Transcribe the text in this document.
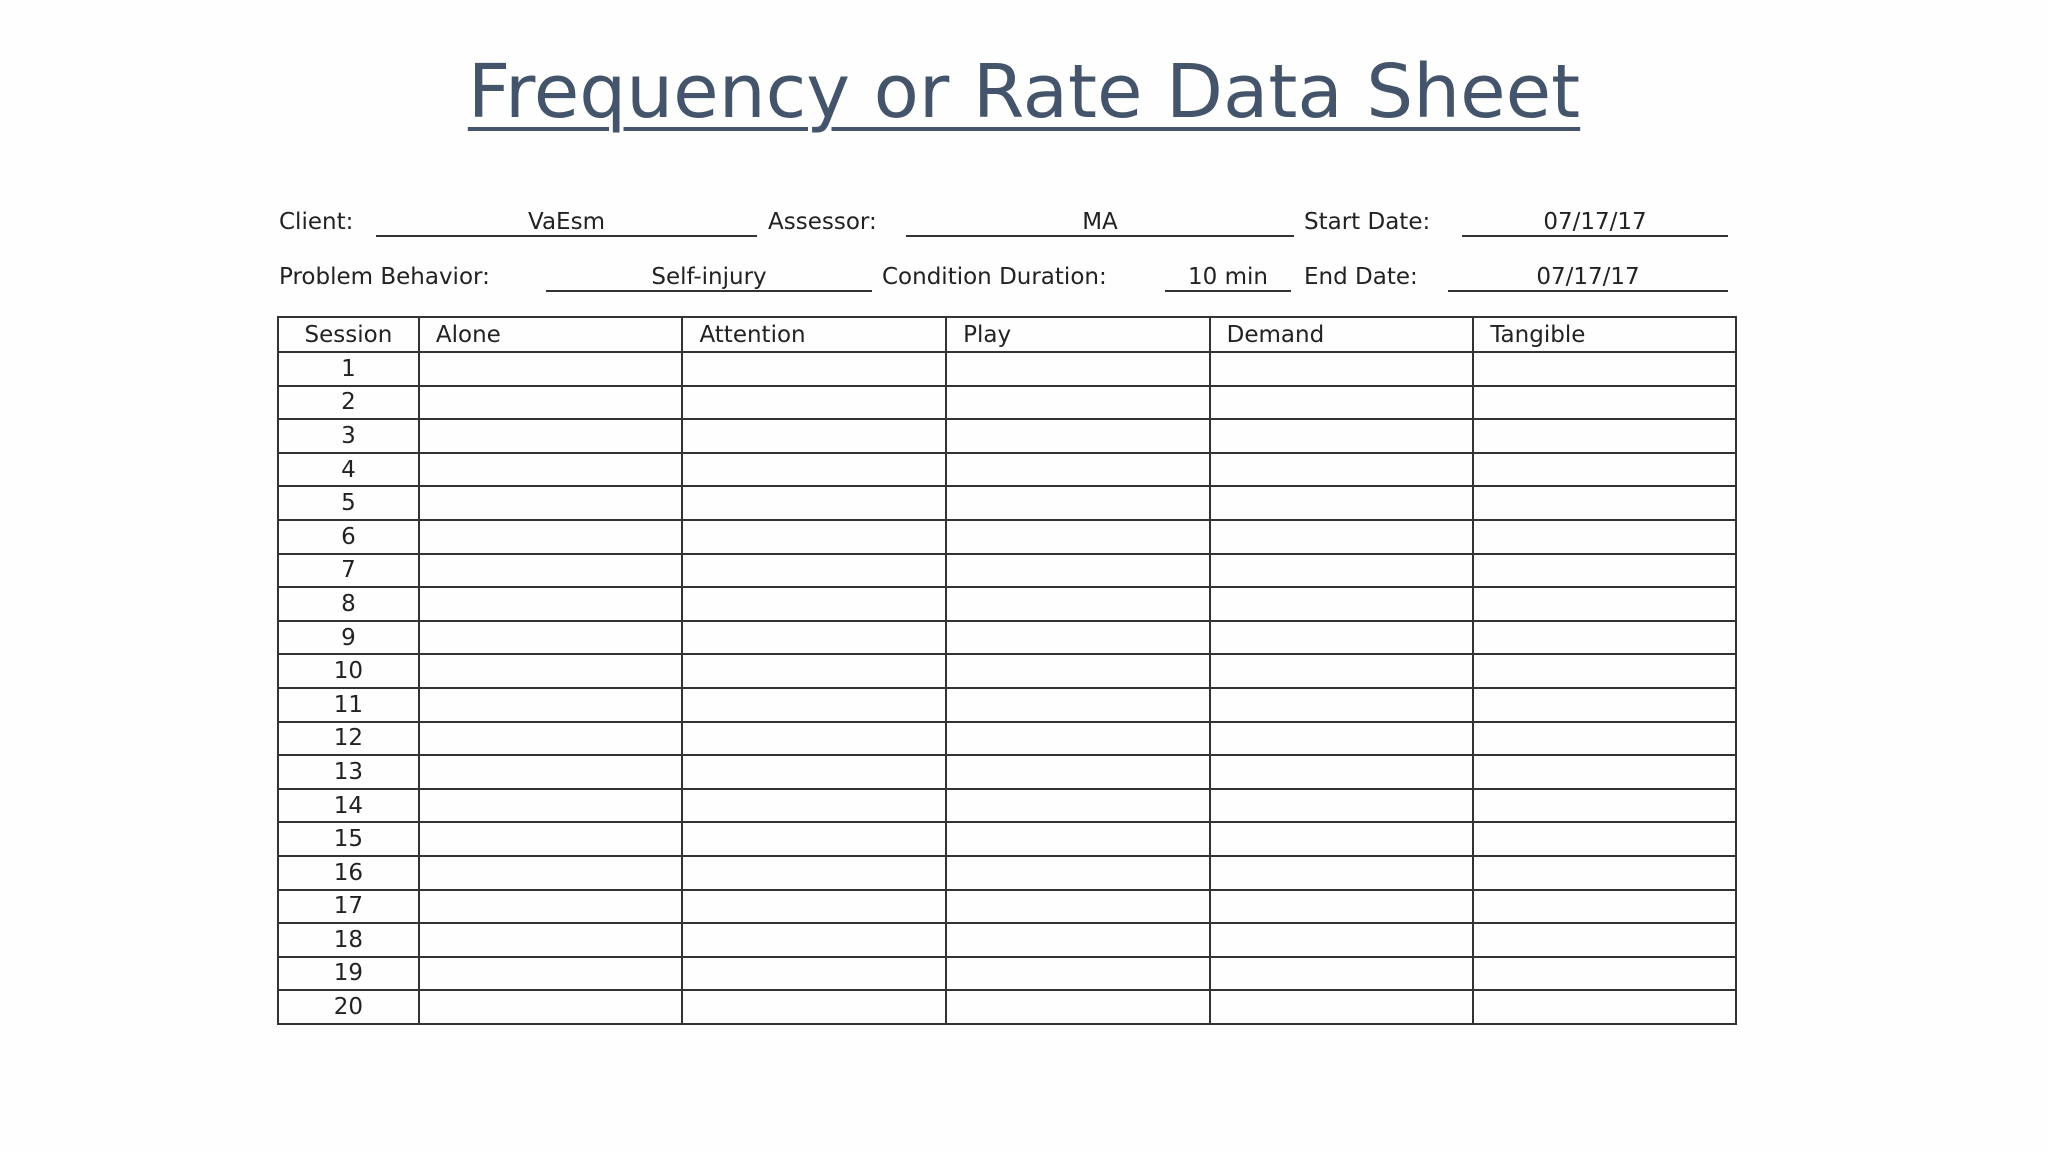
Frequency or Rate Data Sheet
Client:	VaEsm	Assessor:	MA	Start Date:	07/17/17
Problem Behavior:	Self-injury	Condition Duration:	10 min	End Date:	07/17/17
Session	Alone	Attention	Play	Demand	Tangible
1					
2					
3					
4					
5					
6					
7					
8					
9					
10					
11					
12					
13					
14					
15					
16					
17					
18					
19					
20					
